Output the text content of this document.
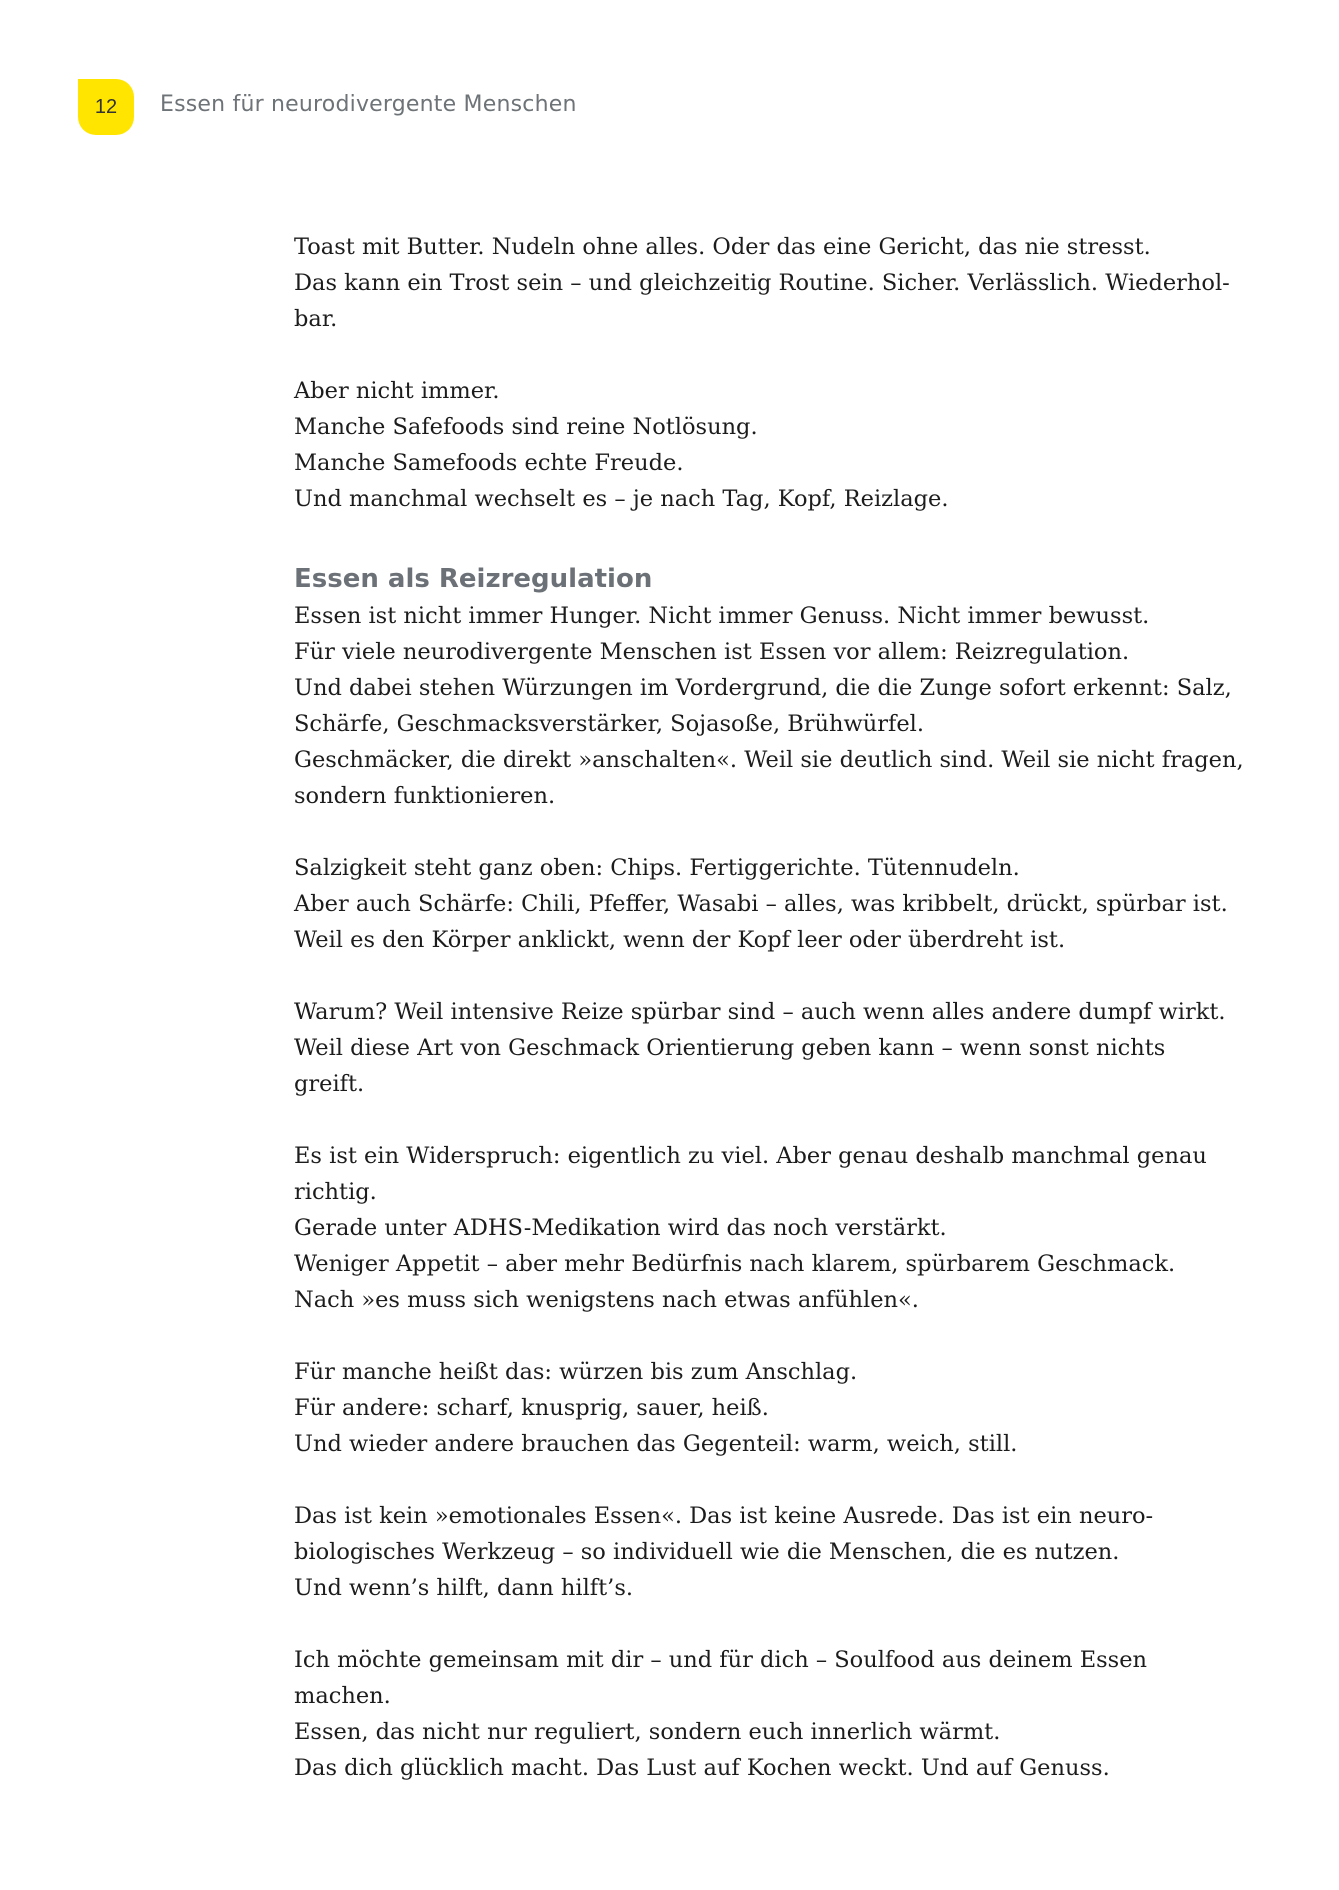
12 Essen für neurodivergente Menschen
Toast mit Butter. Nudeln ohne alles. Oder das eine Gericht, das nie stresst.
Das kann ein Trost sein – und gleichzeitig Routine. Sicher. Verlässlich. Wiederhol-
bar.
Aber nicht immer.
Manche Safefoods sind reine Notlösung.
Manche Samefoods echte Freude.
Und manchmal wechselt es – je nach Tag, Kopf, Reizlage.
Essen als Reizregulation
Essen ist nicht immer Hunger. Nicht immer Genuss. Nicht immer bewusst.
Für viele neurodivergente Menschen ist Essen vor allem: Reizregulation.
Und dabei stehen Würzungen im Vordergrund, die die Zunge sofort erkennt: Salz,
Schärfe, Geschmacksverstärker, Sojasoße, Brühwürfel.
Geschmäcker, die direkt »anschalten«. Weil sie deutlich sind. Weil sie nicht fragen,
sondern funktionieren.
Salzigkeit steht ganz oben: Chips. Fertiggerichte. Tütennudeln.
Aber auch Schärfe: Chili, Pfeffer, Wasabi – alles, was kribbelt, drückt, spürbar ist.
Weil es den Körper anklickt, wenn der Kopf leer oder überdreht ist.
Warum? Weil intensive Reize spürbar sind – auch wenn alles andere dumpf wirkt.
Weil diese Art von Geschmack Orientierung geben kann – wenn sonst nichts
greift.
Es ist ein Widerspruch: eigentlich zu viel. Aber genau deshalb manchmal genau
richtig.
Gerade unter ADHS-Medikation wird das noch verstärkt.
Weniger Appetit – aber mehr Bedürfnis nach klarem, spürbarem Geschmack.
Nach »es muss sich wenigstens nach etwas anfühlen«.
Für manche heißt das: würzen bis zum Anschlag.
Für andere: scharf, knusprig, sauer, heiß.
Und wieder andere brauchen das Gegenteil: warm, weich, still.
Das ist kein »emotionales Essen«. Das ist keine Ausrede. Das ist ein neuro-
biologisches Werkzeug – so individuell wie die Menschen, die es nutzen.
Und wenn’s hilft, dann hilft’s.
Ich möchte gemeinsam mit dir – und für dich – Soulfood aus deinem Essen
machen.
Essen, das nicht nur reguliert, sondern euch innerlich wärmt.
Das dich glücklich macht. Das Lust auf Kochen weckt. Und auf Genuss.
